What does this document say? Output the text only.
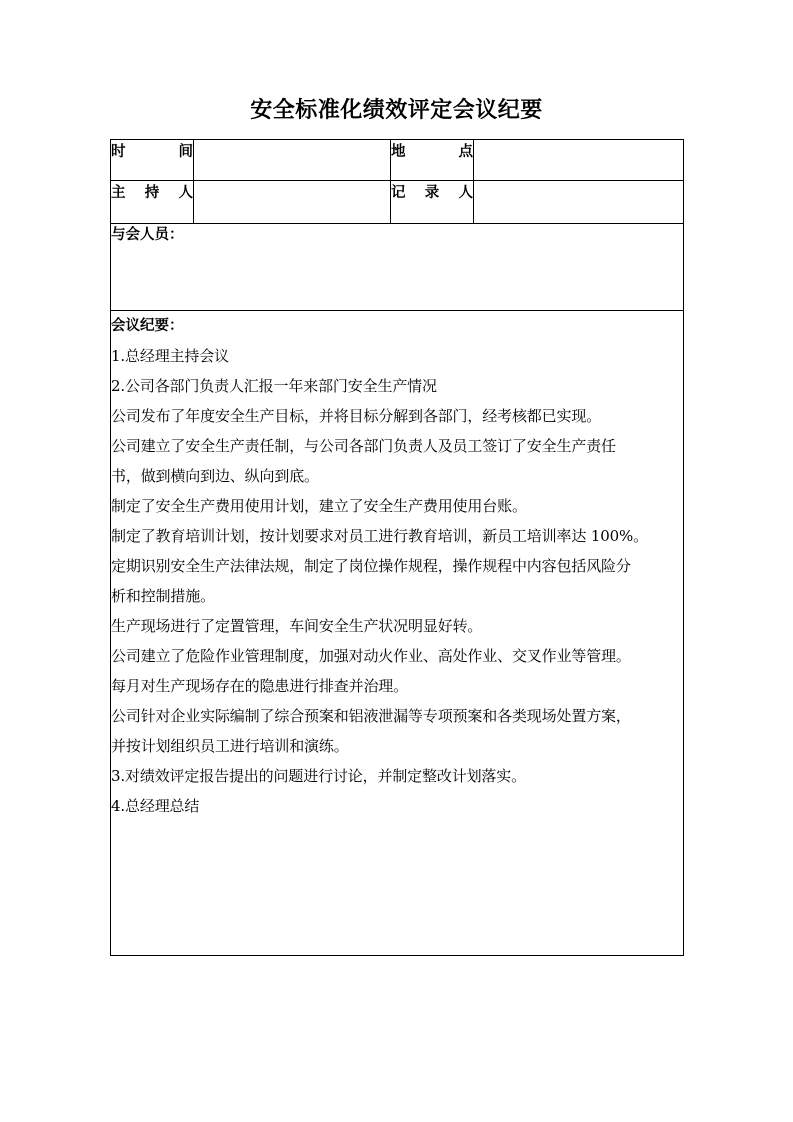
安全标准化绩效评定会议纪要
时 间		地 点	
主 持 人		记 录 人	

与会人员：			

会议纪要：
1.总经理主持会议
2.公司各部门负责人汇报一年来部门安全生产情况
公司发布了年度安全生产目标，并将目标分解到各部门，经考核都已实现。
公司建立了安全生产责任制，与公司各部门负责人及员工签订了安全生产责任
书，做到横向到边、纵向到底。
制定了安全生产费用使用计划，建立了安全生产费用使用台账。
制定了教育培训计划，按计划要求对员工进行教育培训，新员工培训率达 100%。
定期识别安全生产法律法规，制定了岗位操作规程，操作规程中内容包括风险分
析和控制措施。
生产现场进行了定置管理，车间安全生产状况明显好转。
公司建立了危险作业管理制度，加强对动火作业、高处作业、交叉作业等管理。
每月对生产现场存在的隐患进行排查并治理。
公司针对企业实际编制了综合预案和铝液泄漏等专项预案和各类现场处置方案，
并按计划组织员工进行培训和演练。
3.对绩效评定报告提出的问题进行讨论，并制定整改计划落实。
4.总经理总结
